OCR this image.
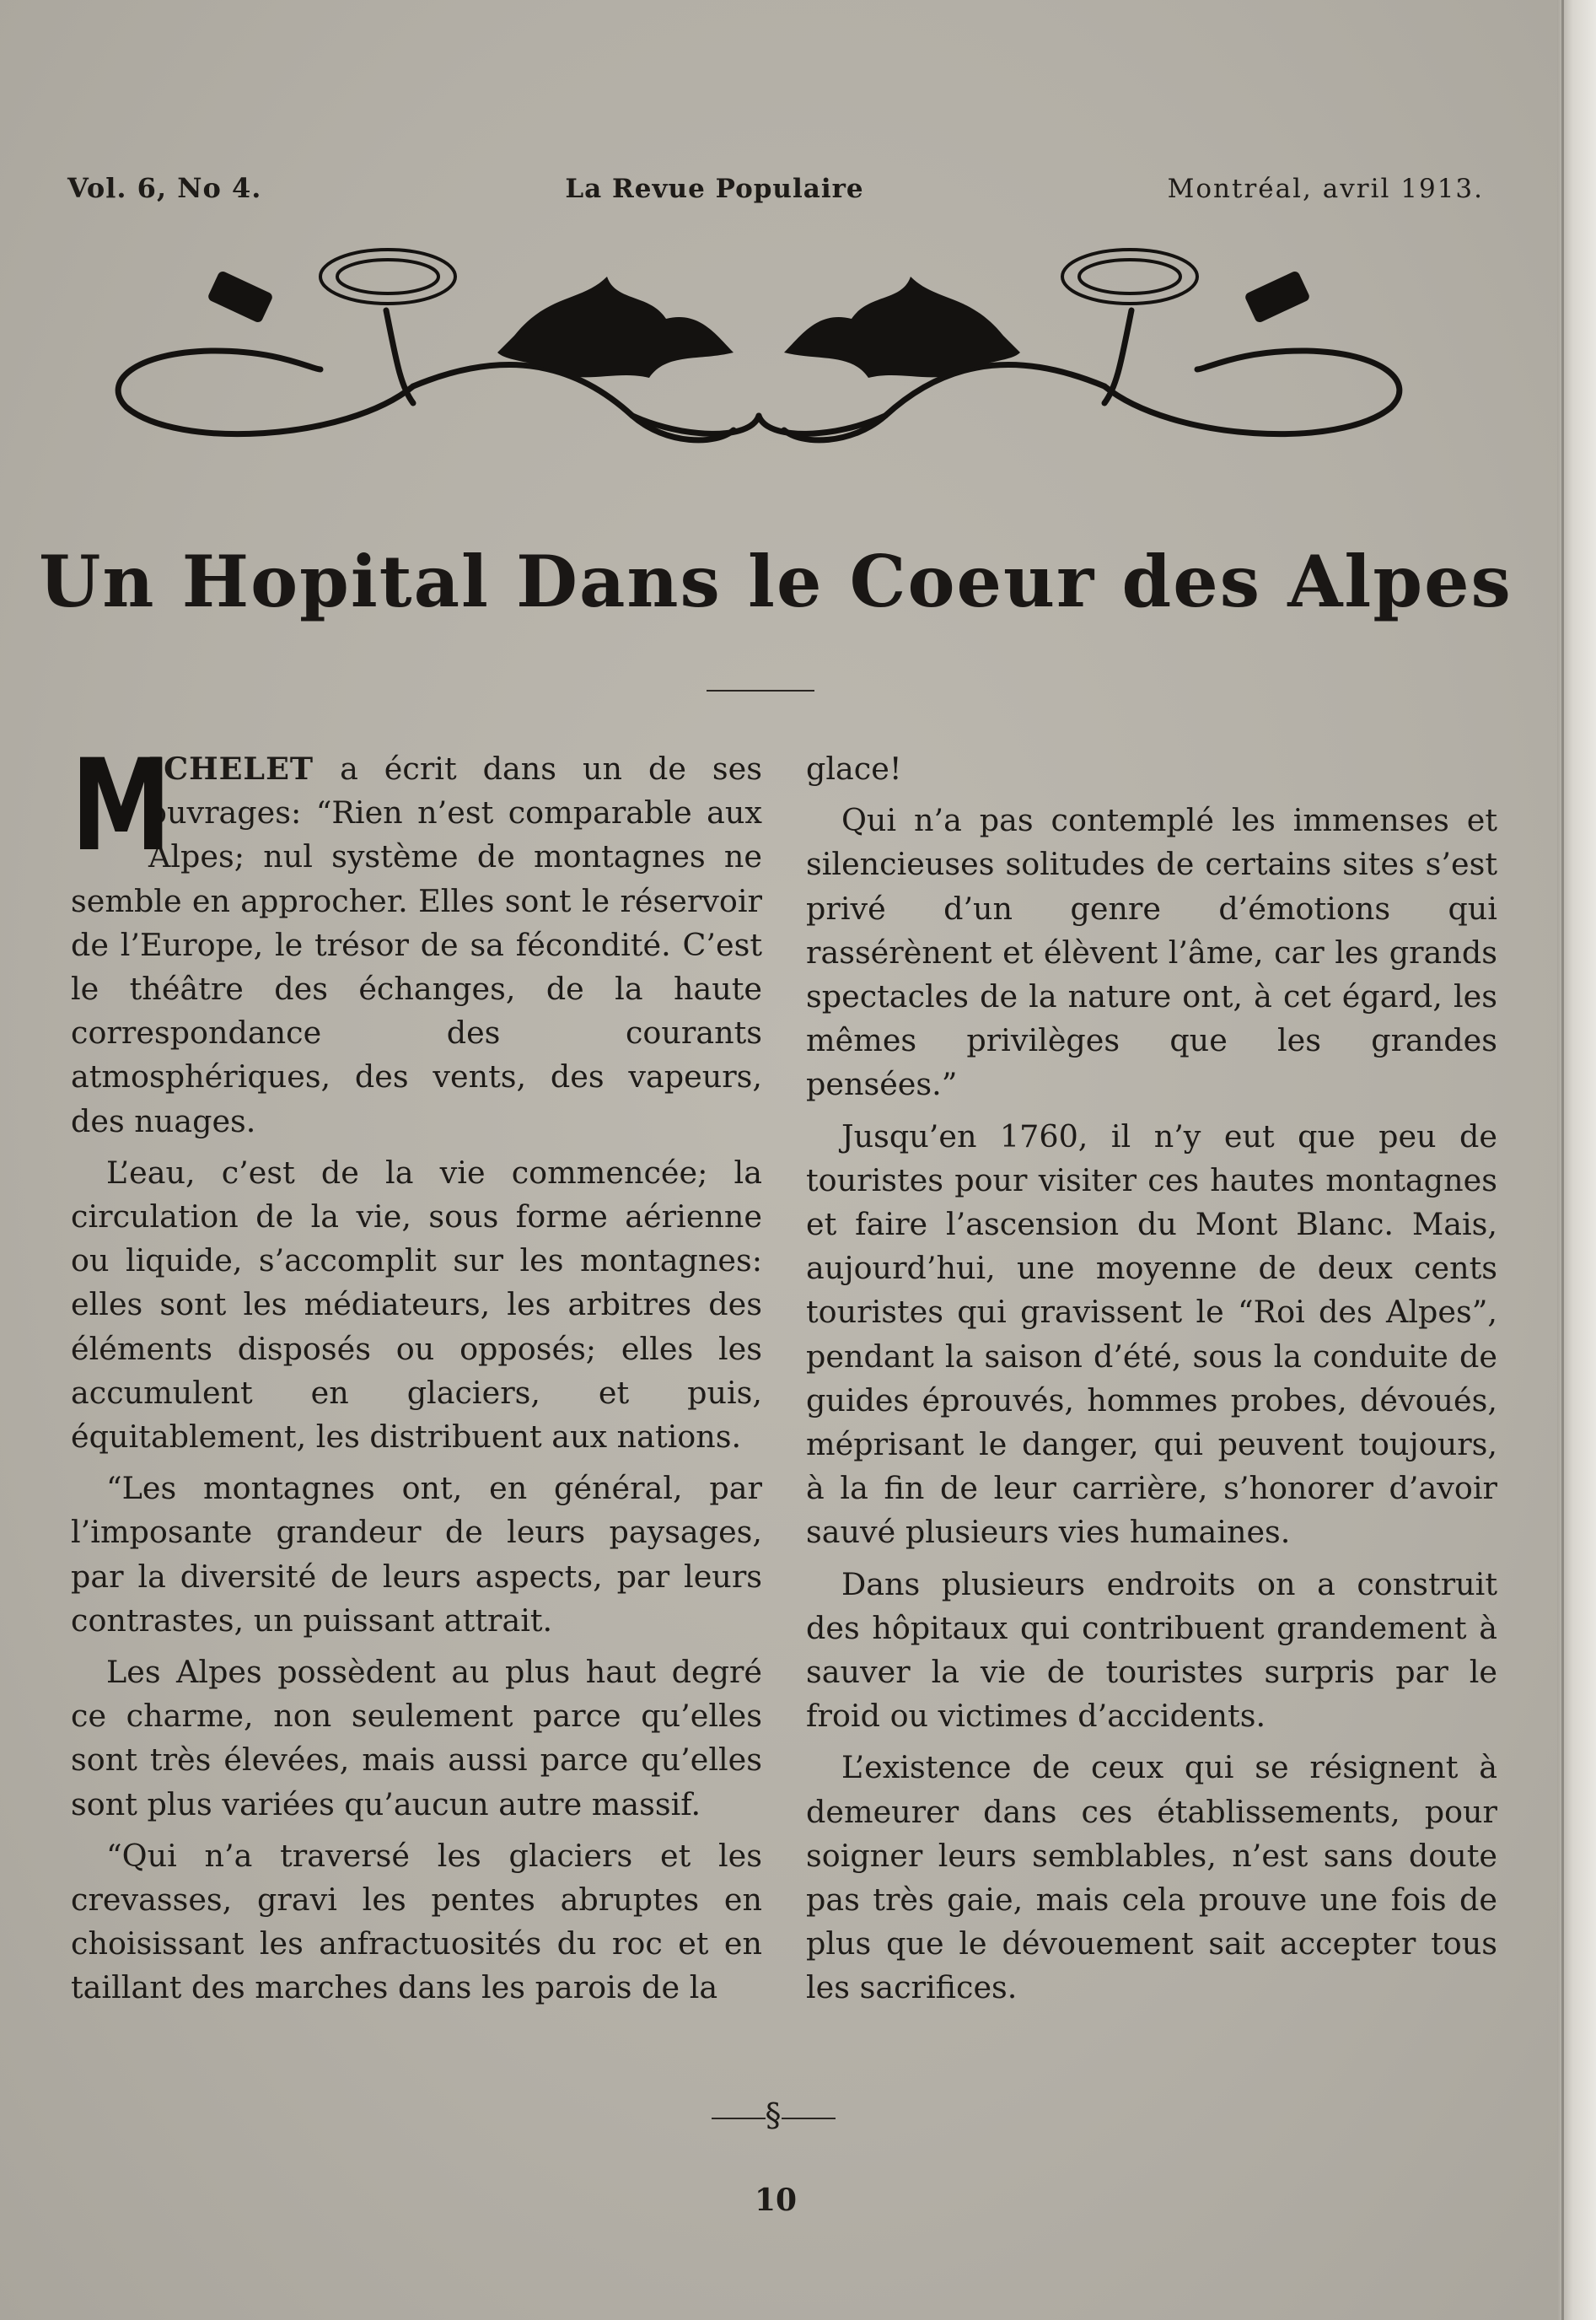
Vol. 6, No 4.	La Revue Populaire	Montréal, avril 1913.
Un Hopital Dans le Coeur des Alpes

M
ICHELET a écrit dans un de ses ouvrages: “Rien n’est comparable aux Alpes; nul système de montagnes ne semble en approcher. Elles sont le réservoir de l’Europe, le trésor de sa fécondité. C’est le théâtre des échanges, de la haute correspondance des courants atmosphériques, des vents, des vapeurs, des nuages.

L’eau, c’est de la vie commencée; la circulation de la vie, sous forme aérienne ou liquide, s’accomplit sur les montagnes: elles sont les médiateurs, les arbitres des éléments disposés ou opposés; elles les accumulent en glaciers, et puis, équitablement, les distribuent aux nations.

“Les montagnes ont, en général, par l’imposante grandeur de leurs paysages, par la diversité de leurs aspects, par leurs contrastes, un puissant attrait.

Les Alpes possèdent au plus haut degré ce charme, non seulement parce qu’elles sont très élevées, mais aussi parce qu’elles sont plus variées qu’aucun autre massif.

“Qui n’a traversé les glaciers et les crevasses, gravi les pentes abruptes en choisissant les anfractuosités du roc et en taillant des marches dans les parois de la

glace!

Qui n’a pas contemplé les immenses et silencieuses solitudes de certains sites s’est privé d’un genre d’émotions qui rassérènent et élèvent l’âme, car les grands spectacles de la nature ont, à cet égard, les mêmes privilèges que les grandes pensées.”

Jusqu’en 1760, il n’y eut que peu de touristes pour visiter ces hautes montagnes et faire l’ascension du Mont Blanc. Mais, aujourd’hui, une moyenne de deux cents touristes qui gravissent le “Roi des Alpes”, pendant la saison d’été, sous la conduite de guides éprouvés, hommes probes, dévoués, méprisant le danger, qui peuvent toujours, à la fin de leur carrière, s’honorer d’avoir sauvé plusieurs vies humaines.

Dans plusieurs endroits on a construit des hôpitaux qui contribuent grandement à sauver la vie de touristes surpris par le froid ou victimes d’accidents.

L’existence de ceux qui se résignent à demeurer dans ces établissements, pour soigner leurs semblables, n’est sans doute pas très gaie, mais cela prouve une fois de plus que le dévouement sait accepter tous les sacrifices.

§
10
